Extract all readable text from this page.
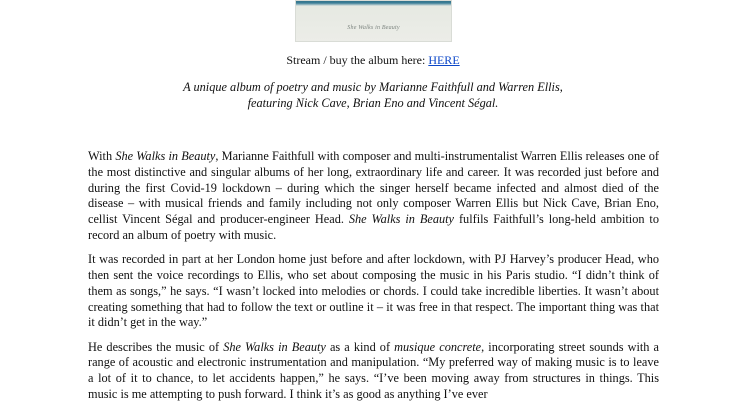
She Walks in Beauty
Stream / buy the album here: HERE
A unique album of poetry and music by Marianne Faithfull and Warren Ellis,
featuring Nick Cave, Brian Eno and Vincent Ségal.

With She Walks in Beauty, Marianne Faithfull with composer and multi-instrumentalist Warren Ellis releases one of the most distinctive and singular albums of her long, extraordinary life and career. It was recorded just before and during the first Covid-19 lockdown – during which the singer herself became infected and almost died of the disease – with musical friends and family including not only composer Warren Ellis but Nick Cave, Brian Eno, cellist Vincent Ségal and producer-engineer Head. She Walks in Beauty fulfils Faithfull’s long-held ambition to record an album of poetry with music.

It was recorded in part at her London home just before and after lockdown, with PJ Harvey’s producer Head, who then sent the voice recordings to Ellis, who set about composing the music in his Paris studio. “I didn’t think of them as songs,” he says. “I wasn’t locked into melodies or chords. I could take incredible liberties. It wasn’t about creating something that had to follow the text or outline it – it was free in that respect. The important thing was that it didn’t get in the way.”

He describes the music of She Walks in Beauty as a kind of musique concrete, incorporating street sounds with a range of acoustic and electronic instrumentation and manipulation. “My preferred way of making music is to leave a lot of it to chance, to let accidents happen,” he says. “I’ve been moving away from structures in things. This music is me attempting to push forward. I think it’s as good as anything I’ve ever
